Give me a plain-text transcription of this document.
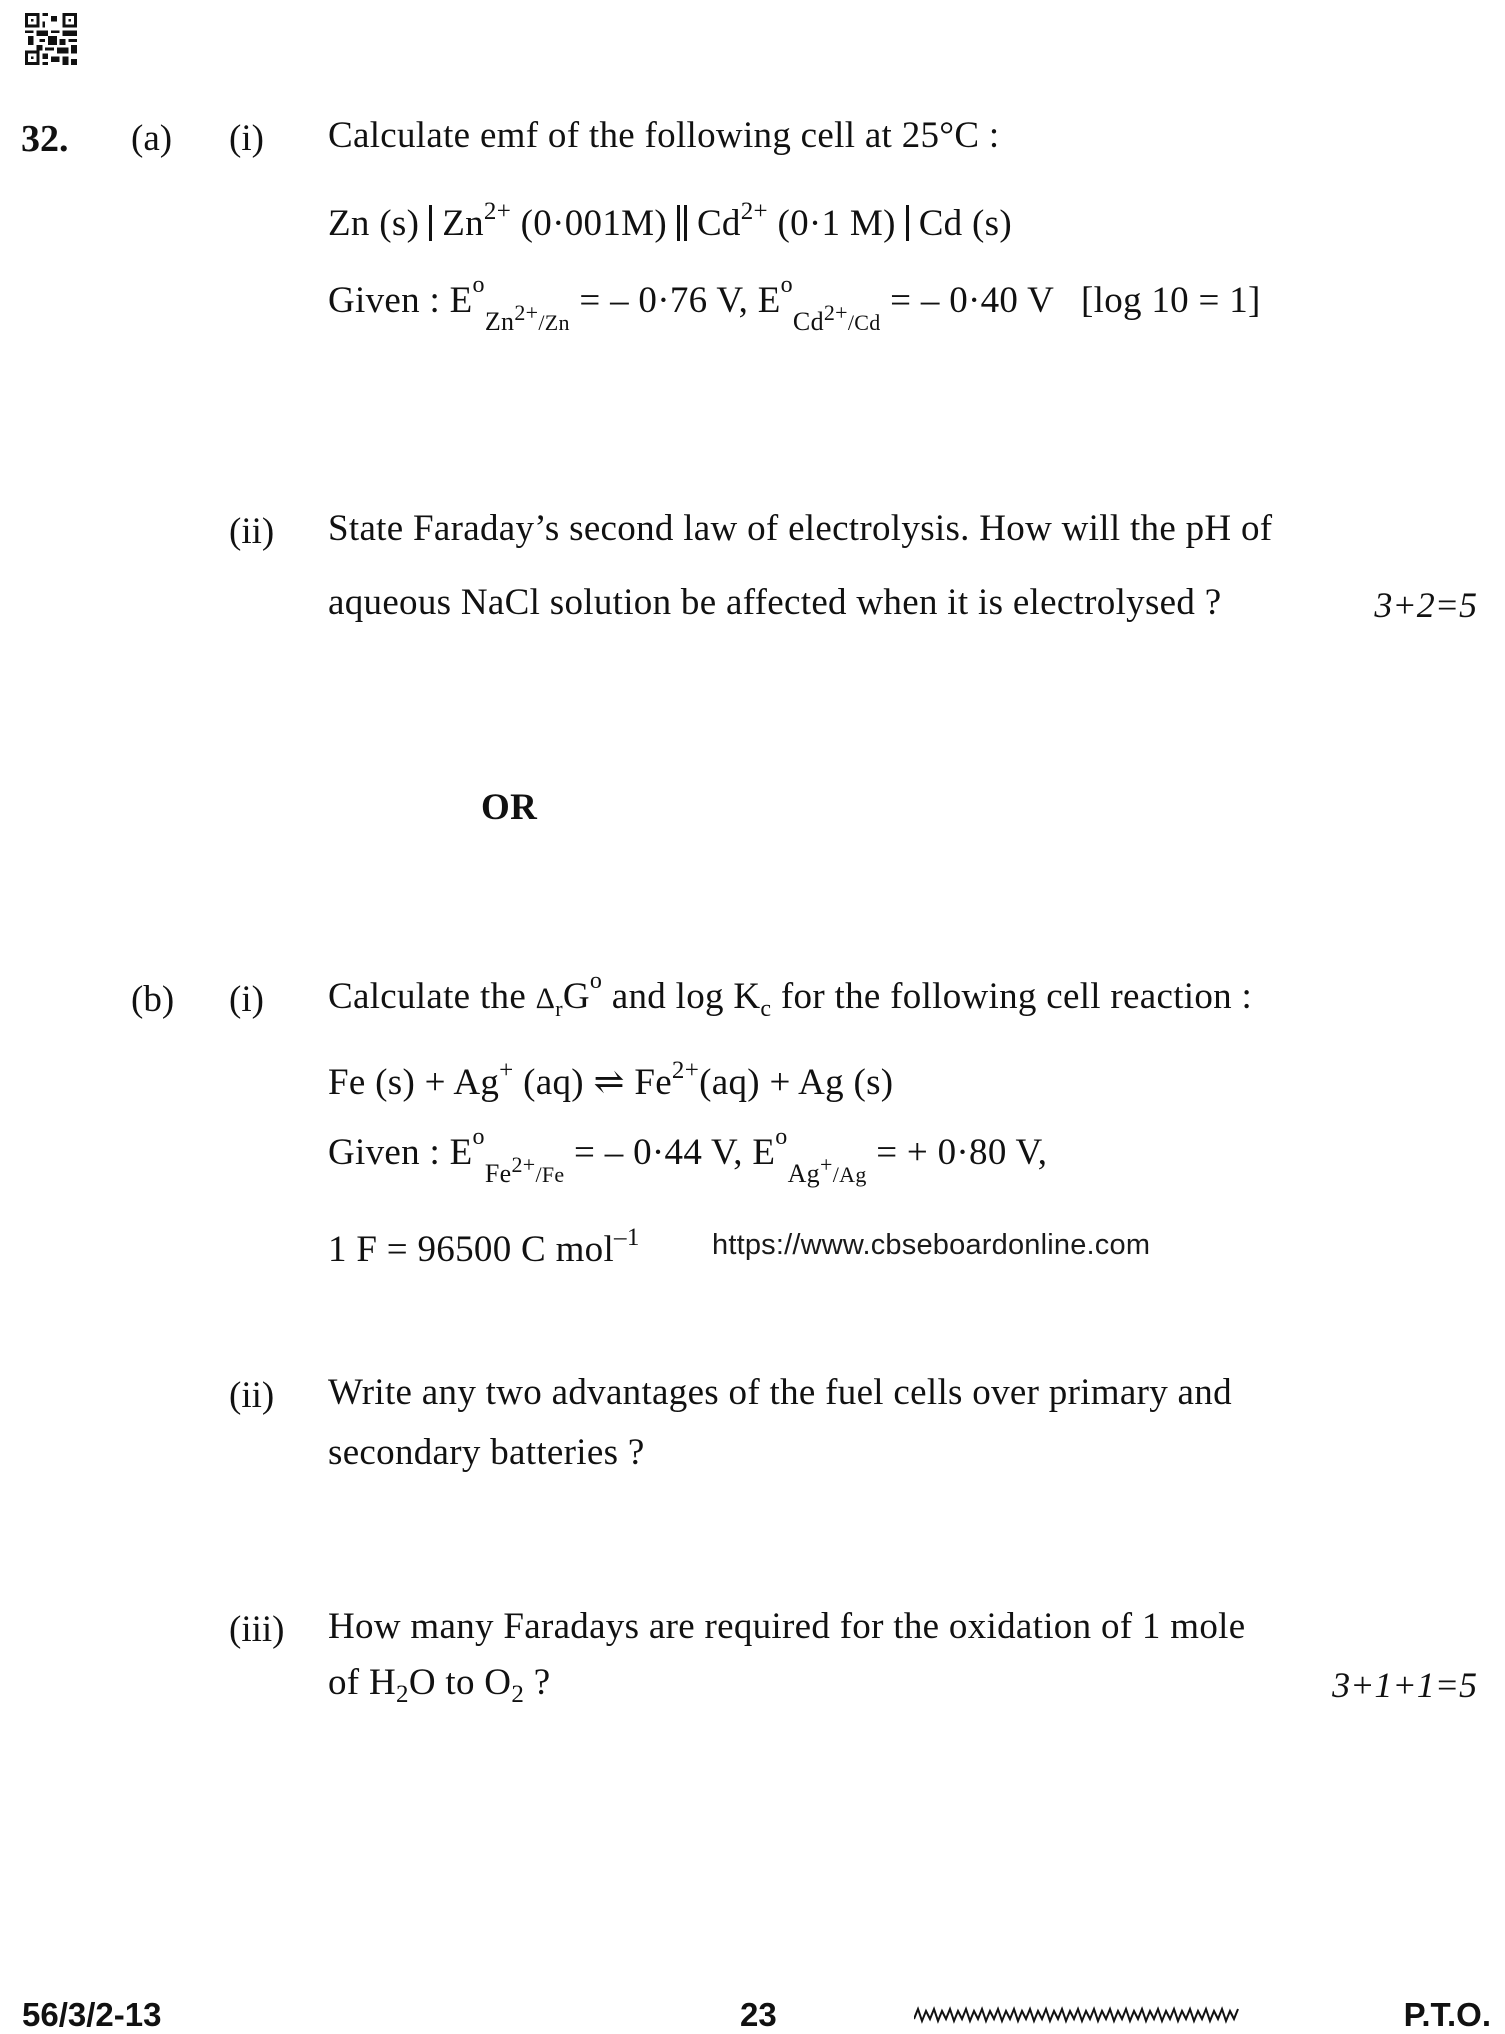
32. (a) (i) Calculate emf of the following cell at 25°C :
Zn (s) $Zn^{2+}$ (0·001M) $Cd^{2+}$ (0·1 M) Cd (s)
Given : $E^o_{Zn^{2+}/Zn}$ = – 0·76 V, $E^o_{Cd^{2+}/Cd}$ = – 0·40 V [log 10 = 1]
(ii) State Faraday’s second law of electrolysis. How will the pH of
aqueous NaCl solution be affected when it is electrolysed ?	3+2=5
OR
(b) (i) Calculate the $\Delta_rG^o$ and $\log K_c$ for the following cell reaction :
Fe (s) + Ag+ (aq) ⇌ $Fe^{2+}(aq) + Ag$ (s)
Given : $E^o_{Fe^{2+}/Fe}$ = – 0·44 V, $E^o_{Ag^+/Ag}$ = + 0·80 V,
1 F = 96500 C mol$^{-1}$ https://www.cbseboardonline.com
(ii) Write any two advantages of the fuel cells over primary and
secondary batteries ?
(iii) How many Faradays are required for the oxidation of 1 mole
of $H_2O$ to $O_2$ ?	3+1+1=5
56/3/2-13	23	P.T.O.
